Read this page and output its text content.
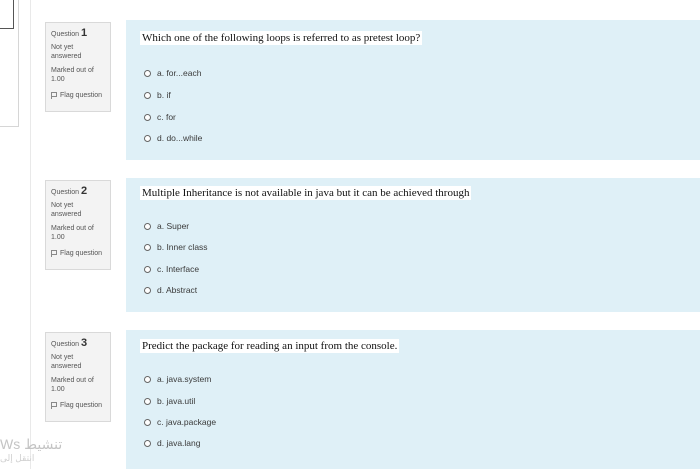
Question 1
Not yet answered
Marked out of 1.00
Flag question
Which one of the following loops is referred to as pretest loop?
a. for...each
b. if
c. for
d. do...while
Question 2
Not yet answered
Marked out of 1.00
Flag question
Multiple Inheritance is not available in java but it can be achieved through
a. Super
b. Inner class
c. Interface
d. Abstract
Question 3
Not yet answered
Marked out of 1.00
Flag question
Predict the package for reading an input from the console.
a. java.system
b. java.util
c. java.package
d. java.lang
تنشيط Ws
انتقل إلى
